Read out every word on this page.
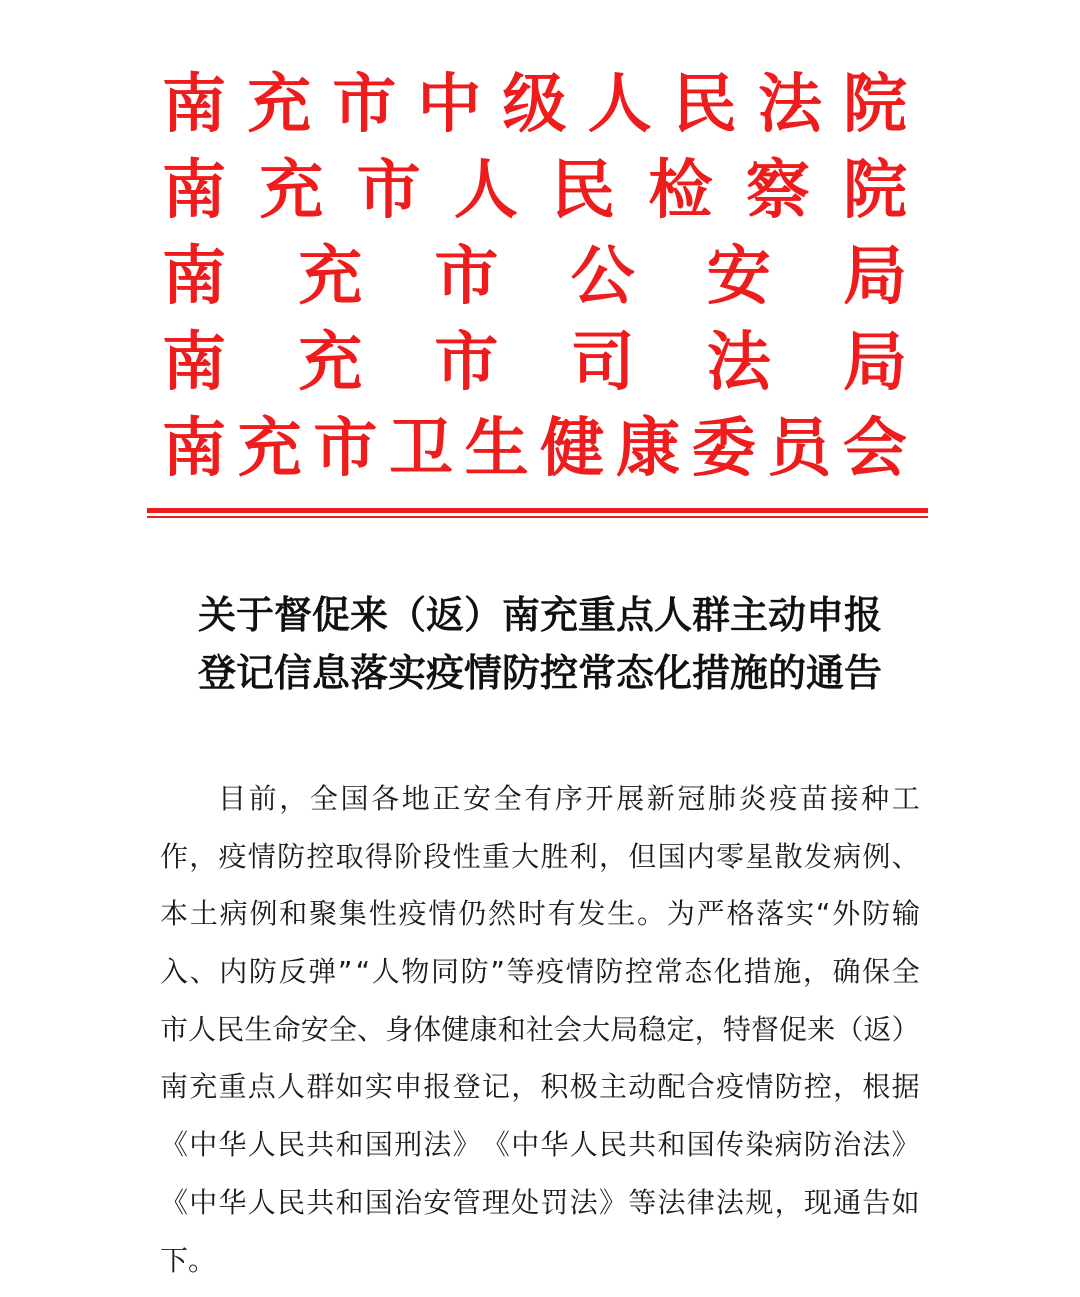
南 充 市 中 级 人 民 法 院
南 充 市 人 民 检 察 院
南 充 市 公 安 局
南 充 市 司 法 局
南 充 市 卫 生 健 康 委 员 会
关于督促来（返）南充重点人群主动申报
登记信息落实疫情防控常态化措施的通告
目 前 ， 全 国 各 地 正 安 全 有 序 开 展 新 冠 肺 炎 疫 苗 接 种 工
作 ， 疫 情 防 控 取 得 阶 段 性 重 大 胜 利 ， 但 国 内 零 星 散 发 病 例 、
本 土 病 例 和 聚 集 性 疫 情 仍 然 时 有 发 生 。 为 严 格 落 实 “ 外 防 输
入 、 内 防 反 弹 ” “ 人 物 同 防 ” 等 疫 情 防 控 常 态 化 措 施 ， 确 保 全
市 人 民 生 命 安 全 、 身 体 健 康 和 社 会 大 局 稳 定 ， 特 督 促 来 （ 返 ）
南 充 重 点 人 群 如 实 申 报 登 记 ， 积 极 主 动 配 合 疫 情 防 控 ， 根 据
《 中 华 人 民 共 和 国 刑 法 》 《 中 华 人 民 共 和 国 传 染 病 防 治 法 》
《 中 华 人 民 共 和 国 治 安 管 理 处 罚 法 》 等 法 律 法 规 ， 现 通 告 如
下 。
